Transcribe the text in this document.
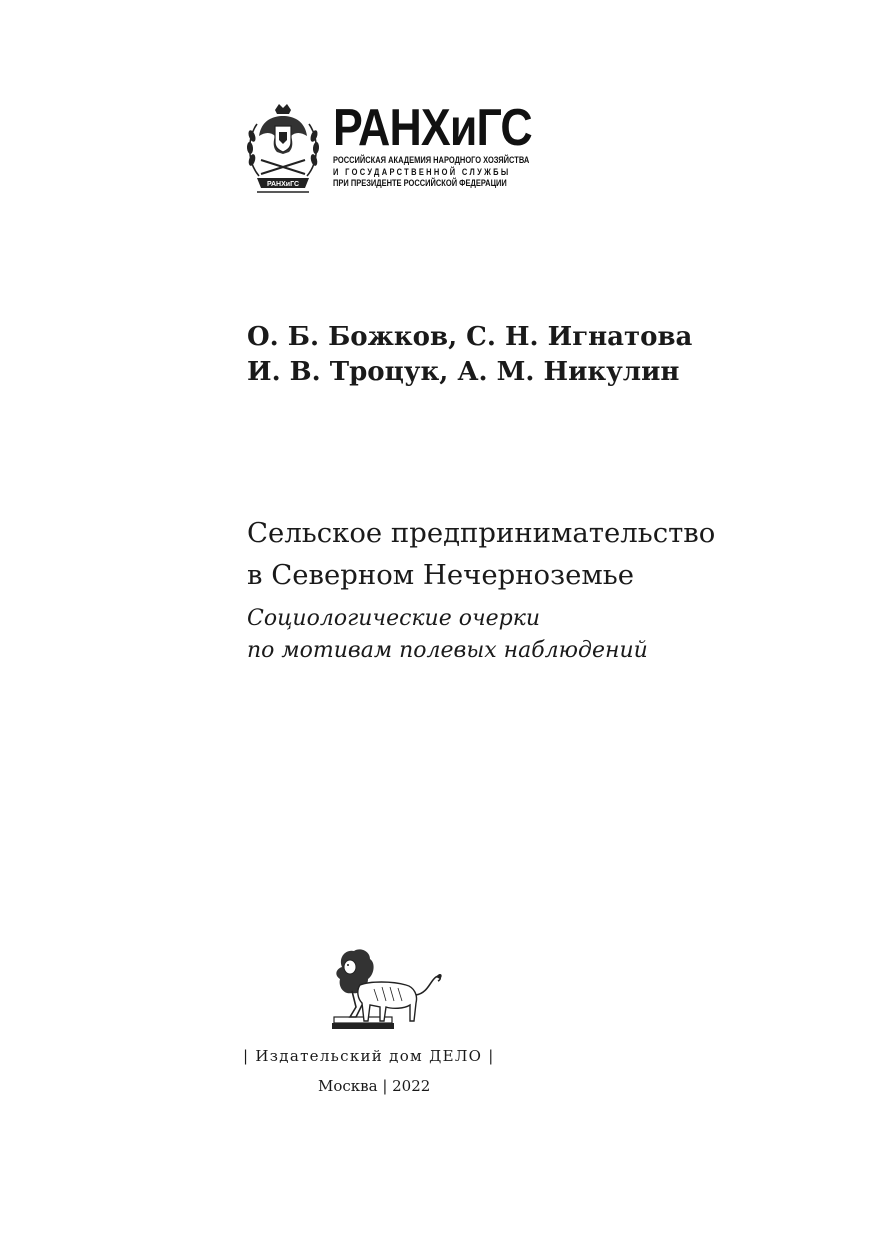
РАНХиГС
РАНХиГС
РОССИЙСКАЯ АКАДЕМИЯ НАРОДНОГО ХОЗЯЙСТВА
И ГОСУДАРСТВЕННОЙ СЛУЖБЫ
ПРИ ПРЕЗИДЕНТЕ РОССИЙСКОЙ ФЕДЕРАЦИИ
О. Б. Божков, С. Н. Игнатова
И. В. Троцук, А. М. Никулин
Сельское предпринимательство
в Северном Нечерноземье
Социологические очерки
по мотивам полевых наблюдений
| Издательский дом ДЕЛО |
Москва | 2022
